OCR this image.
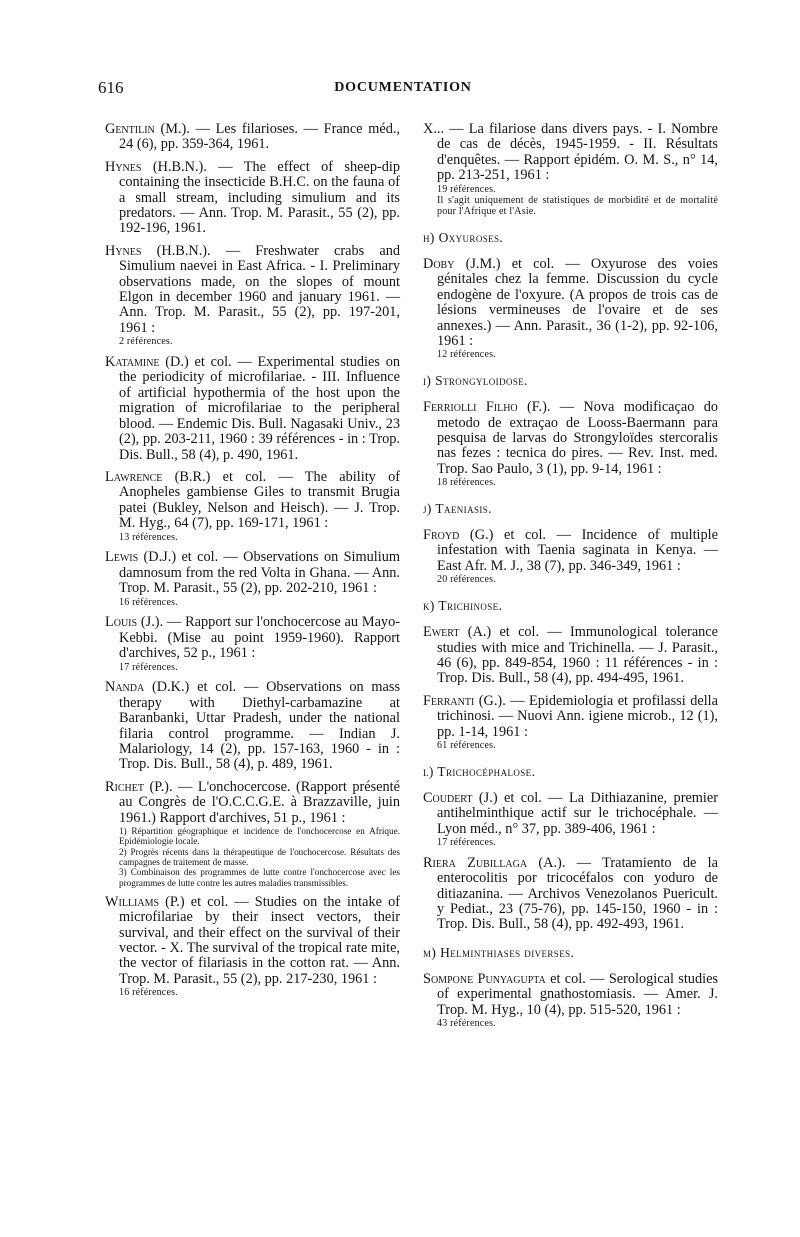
616	DOCUMENTATION
Gentilin (M.). — Les filarioses. — France méd., 24 (6), pp. 359-364, 1961.
Hynes (H.B.N.). — The effect of sheep-dip containing the insecticide B.H.C. on the fauna of a small stream, including simulium and its predators. — Ann. Trop. M. Parasit., 55 (2), pp. 192-196, 1961.
Hynes (H.B.N.). — Freshwater crabs and Simulium naevei in East Africa. - I. Preliminary observations made, on the slopes of mount Elgon in december 1960 and january 1961. — Ann. Trop. M. Parasit., 55 (2), pp. 197-201, 1961 :
2 références.
Katamine (D.) et col. — Experimental studies on the periodicity of microfilariae. - III. Influence of artificial hypothermia of the host upon the migration of microfilariae to the peripheral blood. — Endemic Dis. Bull. Nagasaki Univ., 23 (2), pp. 203-211, 1960 : 39 références - in : Trop. Dis. Bull., 58 (4), p. 490, 1961.
Lawrence (B.R.) et col. — The ability of Anopheles gambiense Giles to transmit Brugia patei (Bukley, Nelson and Heisch). — J. Trop. M. Hyg., 64 (7), pp. 169-171, 1961 :
13 références.
Lewis (D.J.) et col. — Observations on Simulium damnosum from the red Volta in Ghana. — Ann. Trop. M. Parasit., 55 (2), pp. 202-210, 1961 :
16 références.
Louis (J.). — Rapport sur l'onchocercose au Mayo-Kebbi. (Mise au point 1959-1960). Rapport d'archives, 52 p., 1961 :
17 références.
Nanda (D.K.) et col. — Observations on mass therapy with Diethyl-carbamazine at Baranbanki, Uttar Pradesh, under the national filaria control programme. — Indian J. Malariology, 14 (2), pp. 157-163, 1960 - in : Trop. Dis. Bull., 58 (4), p. 489, 1961.
Richet (P.). — L'onchocercose. (Rapport présenté au Congrès de l'O.C.C.G.E. à Brazzaville, juin 1961.) Rapport d'archives, 51 p., 1961 :
1) Répartition géographique et incidence de l'onchocercose en Afrique. Epidémiologie locale.
2) Progrès récents dans la thérapeutique de l'onchocercose. Résultats des campagnes de traitement de masse.
3) Combinaison des programmes de lutte contre l'onchocercose avec les programmes de lutte contre les autres maladies transmissibles.
Williams (P.) et col. — Studies on the intake of microfilariae by their insect vectors, their survival, and their effect on the survival of their vector. - X. The survival of the tropical rate mite, the vector of filariasis in the cotton rat. — Ann. Trop. M. Parasit., 55 (2), pp. 217-230, 1961 :
16 références.
X... — La filariose dans divers pays. - I. Nombre de cas de décès, 1945-1959. - II. Résultats d'enquêtes. — Rapport épidém. O. M. S., n° 14, pp. 213-251, 1961 :
19 références.
Il s'agit uniquement de statistiques de morbidité et de mortalité pour l'Afrique et l'Asie.
h) Oxyuroses.
Doby (J.M.) et col. — Oxyurose des voies génitales chez la femme. Discussion du cycle endogène de l'oxyure. (A propos de trois cas de lésions vermineuses de l'ovaire et de ses annexes.) — Ann. Parasit., 36 (1-2), pp. 92-106, 1961 :
12 références.
i) Strongyloidose.
Ferriolli Filho (F.). — Nova modificaçao do metodo de extraçao de Looss-Baermann para pesquisa de larvas do Strongyloïdes stercoralis nas fezes : tecnica do pires. — Rev. Inst. med. Trop. Sao Paulo, 3 (1), pp. 9-14, 1961 :
18 références.
j) Taeniasis.
Froyd (G.) et col. — Incidence of multiple infestation with Taenia saginata in Kenya. — East Afr. M. J., 38 (7), pp. 346-349, 1961 :
20 références.
k) Trichinose.
Ewert (A.) et col. — Immunological tolerance studies with mice and Trichinella. — J. Parasit., 46 (6), pp. 849-854, 1960 : 11 références - in : Trop. Dis. Bull., 58 (4), pp. 494-495, 1961.
Ferranti (G.). — Epidemiologia et profilassi della trichinosi. — Nuovi Ann. igiene microb., 12 (1), pp. 1-14, 1961 :
61 références.
l) Trichocéphalose.
Coudert (J.) et col. — La Dithiazanine, premier antihelminthique actif sur le trichocéphale. — Lyon méd., n° 37, pp. 389-406, 1961 :
17 références.
Riera Zubillaga (A.). — Tratamiento de la enterocolitis por tricocéfalos con yoduro de ditiazanina. — Archivos Venezolanos Puericult. y Pediat., 23 (75-76), pp. 145-150, 1960 - in : Trop. Dis. Bull., 58 (4), pp. 492-493, 1961.
m) Helminthiases diverses.
Sompone Punyagupta et col. — Serological studies of experimental gnathostomiasis. — Amer. J. Trop. M. Hyg., 10 (4), pp. 515-520, 1961 :
43 références.
